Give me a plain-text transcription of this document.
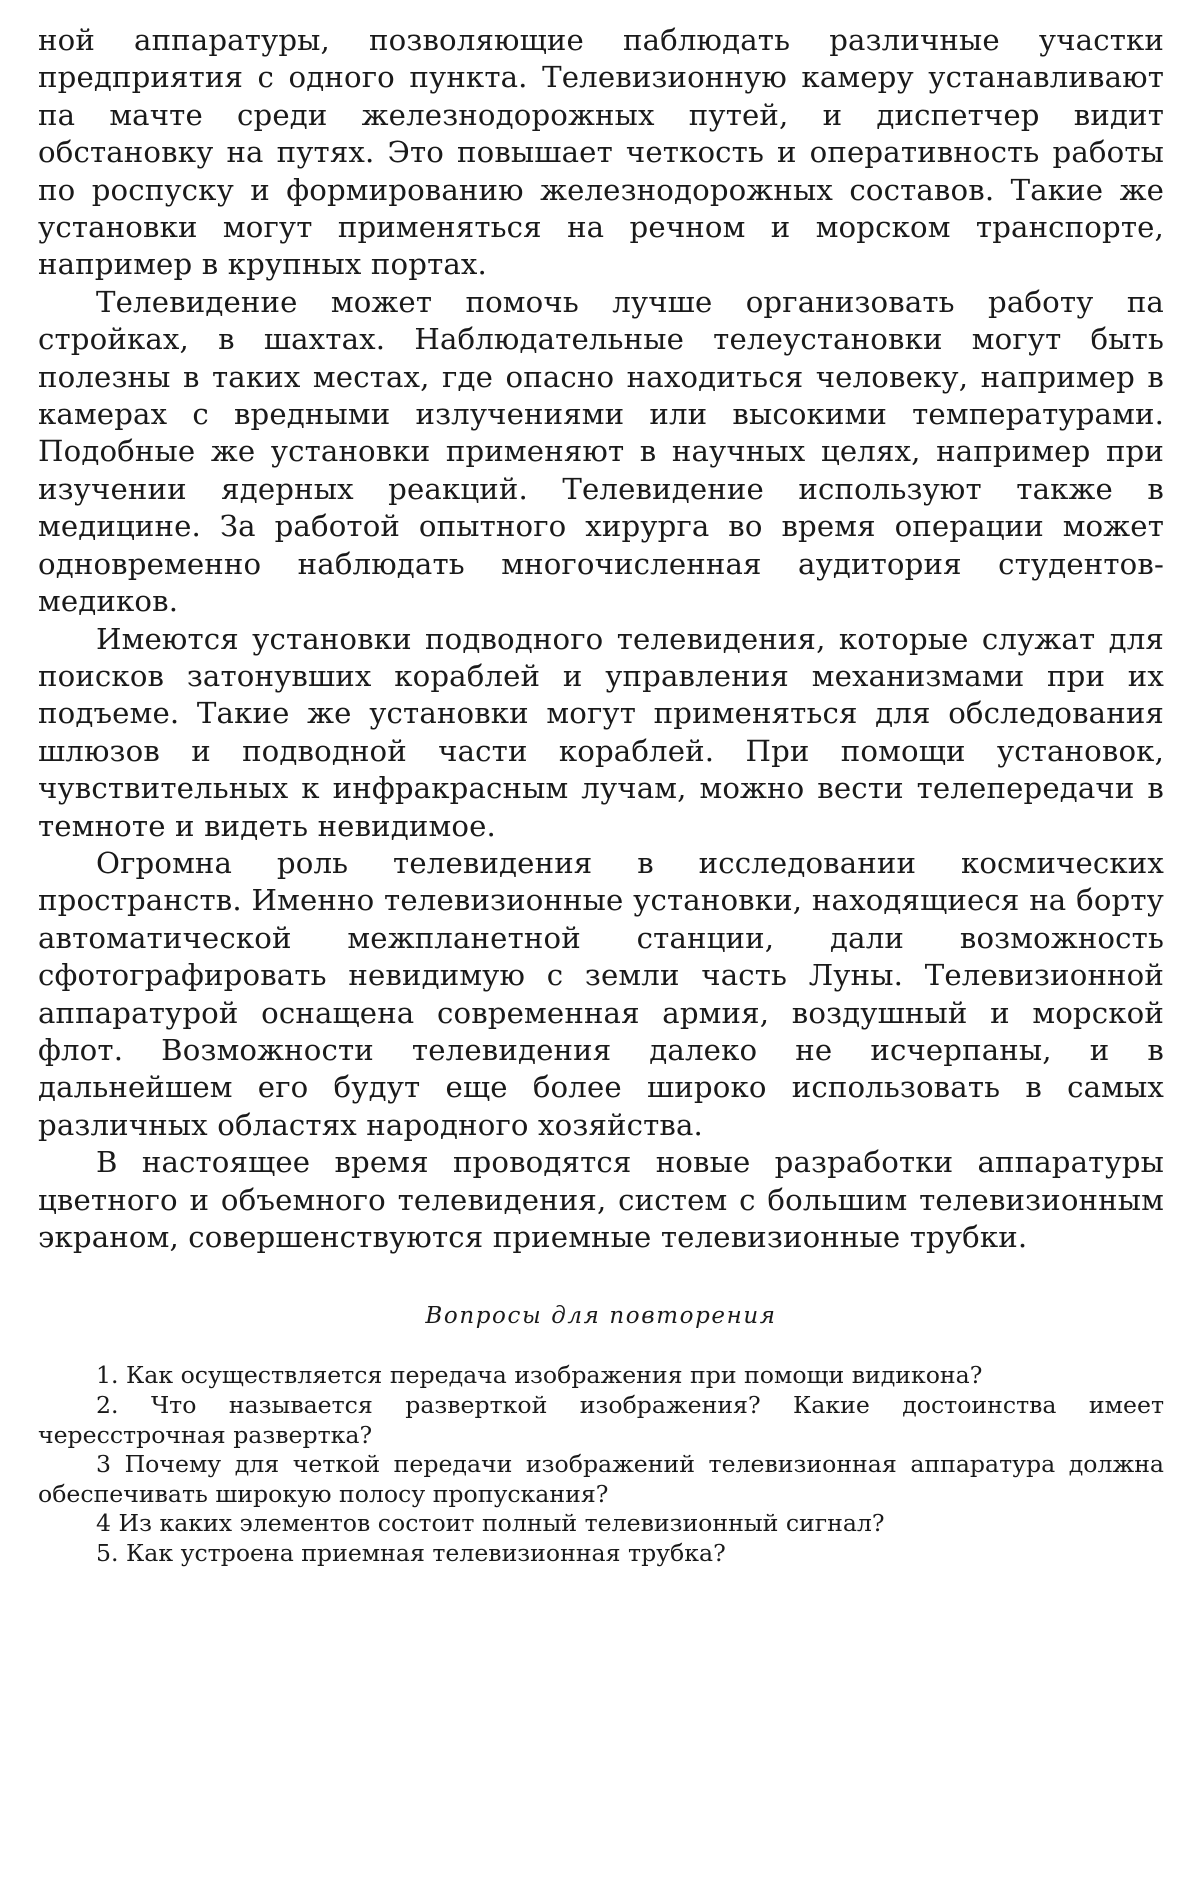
ной аппаратуры, позволяющие паблюдать различные участки предприятия с одного пункта. Телевизионную камеру устанавливают па мачте среди железнодорожных путей, и диспетчер видит обстановку на путях. Это повышает четкость и оперативность работы по роспуску и формированию железнодорожных составов. Такие же установки могут применяться на речном и морском транспорте, например в крупных портах.

Телевидение может помочь лучше организовать работу па стройках, в шахтах. Наблюдательные телеустановки могут быть полезны в таких местах, где опасно находиться человеку, например в камерах с вредными излучениями или высокими температурами. Подобные же установки применяют в научных целях, например при изучении ядерных реакций. Телевидение используют также в медицине. За работой опытного хирурга во время операции может одновременно наблюдать многочисленная аудитория студентов-медиков.

Имеются установки подводного телевидения, которые служат для поисков затонувших кораблей и управления механизмами при их подъеме. Такие же установки могут применяться для обследования шлюзов и подводной части кораблей. При помощи установок, чувствительных к инфракрасным лучам, можно вести телепередачи в темноте и видеть невидимое.

Огромна роль телевидения в исследовании космических пространств. Именно телевизионные установки, находящиеся на борту автоматической межпланетной станции, дали возможность сфотографировать невидимую с земли часть Луны. Телевизионной аппаратурой оснащена современная армия, воздушный и морской флот. Возможности телевидения далеко не исчерпаны, и в дальнейшем его будут еще более широко использовать в самых различных областях народного хозяйства.

В настоящее время проводятся новые разработки аппаратуры цветного и объемного телевидения, систем с большим телевизионным экраном, совершенствуются приемные телевизионные трубки.

Вопросы для повторения

1. Как осуществляется передача изображения при помощи видикона?

2. Что называется разверткой изображения? Какие достоинства имеет чересстрочная развертка?

3 Почему для четкой передачи изображений телевизионная аппаратура должна обеспечивать широкую полосу пропускания?

4 Из каких элементов состоит полный телевизионный сигнал?

5. Как устроена приемная телевизионная трубка?
